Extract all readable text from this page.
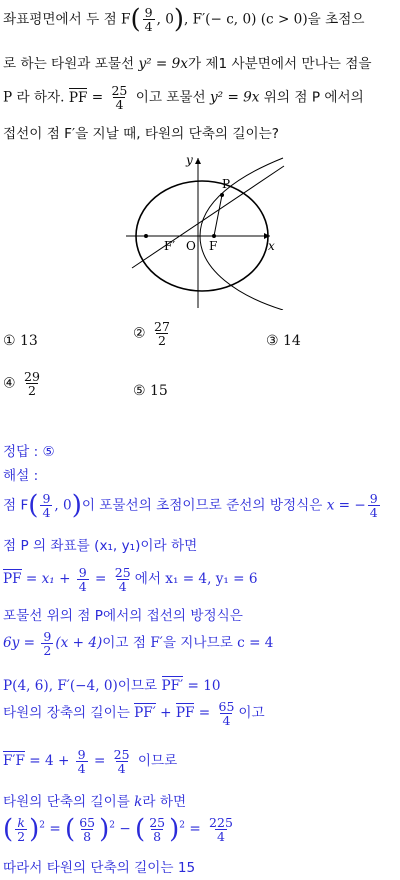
좌표평면에서 두 점 $F( \frac{9}{4}$ , 0), F′(− c, 0) (c > 0)을 초점으
로 하는 타원과 포물선 y² = 9x가 제1 사분면에서 만나는 점을
P 라 하자. PF = $\frac{25}{4}$ 이고 포물선 y² = 9x 위의 점 P 에서의
접선이 점 F′을 지날 때, 타원의 단축의 길이는?
y
x
O
F′	F
P
① 13	② $\frac{27}{2}$	③ 14
④ $\frac{29}{2}$	⑤ 15
정답 : ⑤
해설 :
점 $F( \frac{9}{4}$ , 0)이 포물선의 초점이므로 준선의 방정식은 x = − $\frac{9}{4}$
점 P 의 좌표를 (x₁, y₁)이라 하면
PF = $x_1 + \frac{9}{4} = \frac{25}{4}$ 에서 x₁ = 4, y₁ = 6
포물선 위의 점 P에서의 접선의 방정식은
$6y = \frac{9}{2} (x + 4)$이고 점 F′을 지나므로 c = 4
P(4, 6), F′(−4, 0)이므로 PF′ = 10
타원의 장축의 길이는 PF′ + PF = $\frac{65}{4}$ 이고
$F'F = 4 + \frac{9}{4} = \frac{25}{4}$ 이므로
타원의 단축의 길이를 k라 하면
( $\frac{k}{2} )^2$ = ( $\frac{65}{8} )^2$ − ( $\frac{25}{8} )^2 = \frac{225}{4}$
따라서 타원의 단축의 길이는 15
